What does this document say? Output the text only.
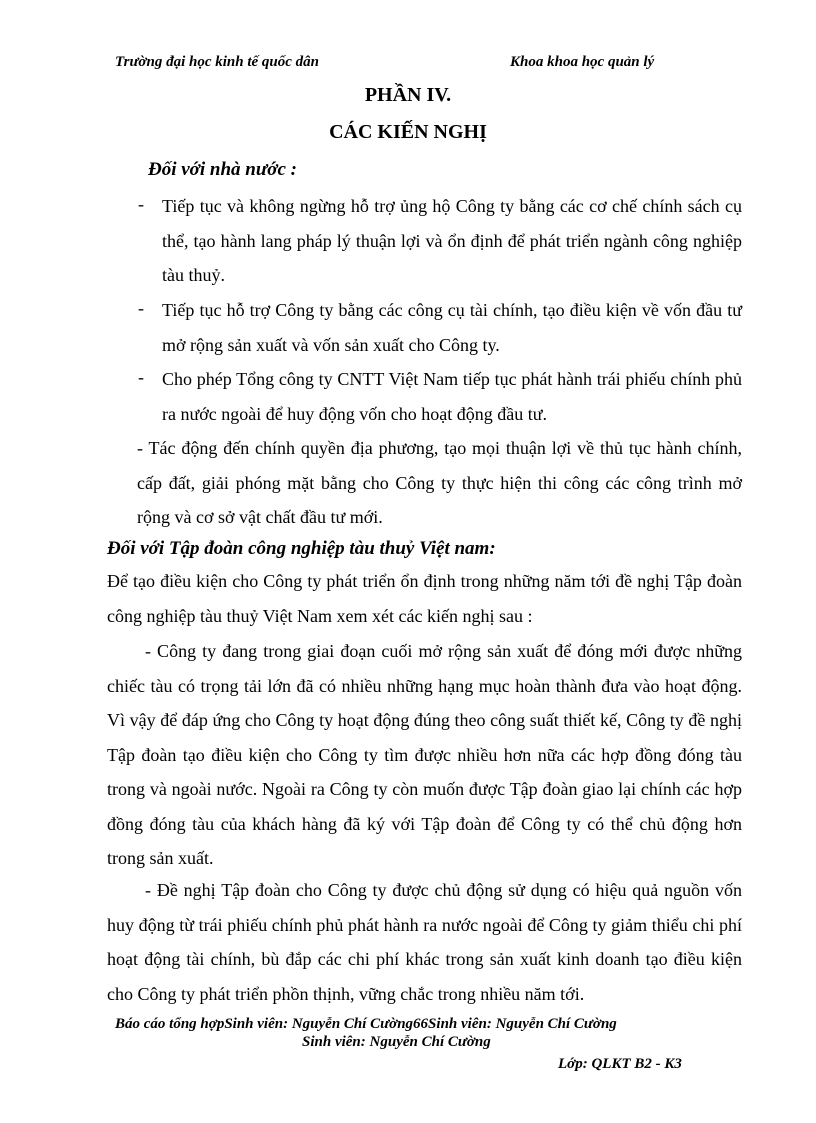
Trường đại học kinh tế quốc dân	Khoa khoa học quản lý
PHẦN IV.
CÁC KIẾN NGHỊ
Đối với nhà nước :
- Tiếp tục và không ngừng hỗ trợ ủng hộ Công ty bằng các cơ chế chính sách cụ thể, tạo hành lang pháp lý thuận lợi và ổn định để phát triển ngành công nghiệp tàu thuỷ.
- Tiếp tục hỗ trợ Công ty bằng các công cụ tài chính, tạo điều kiện về vốn đầu tư mở rộng sản xuất và vốn sản xuất cho Công ty.
- Cho phép Tổng công ty CNTT Việt Nam tiếp tục phát hành trái phiếu chính phủ ra nước ngoài để huy động vốn cho hoạt động đầu tư.
- Tác động đến chính quyền địa phương, tạo mọi thuận lợi về thủ tục hành chính, cấp đất, giải phóng mặt bằng cho Công ty thực hiện thi công các công trình mở rộng và cơ sở vật chất đầu tư mới.
Đối với Tập đoàn công nghiệp tàu thuỷ Việt nam:
Để tạo điều kiện cho Công ty phát triển ổn định trong những năm tới đề nghị Tập đoàn công nghiệp tàu thuỷ Việt Nam xem xét các kiến nghị sau :
- Công ty đang trong giai đoạn cuối mở rộng sản xuất để đóng mới được những chiếc tàu có trọng tải lớn đã có nhiều những hạng mục hoàn thành đưa vào hoạt động. Vì vậy để đáp ứng cho Công ty hoạt động đúng theo công suất thiết kế, Công ty đề nghị Tập đoàn tạo điều kiện cho Công ty tìm được nhiều hơn nữa các hợp đồng đóng tàu trong và ngoài nước. Ngoài ra Công ty còn muốn được Tập đoàn giao lại chính các hợp đồng đóng tàu của khách hàng đã ký với Tập đoàn để Công ty có thể chủ động hơn trong sản xuất.
- Đề nghị Tập đoàn cho Công ty được chủ động sử dụng có hiệu quả nguồn vốn huy động từ trái phiếu chính phủ phát hành ra nước ngoài để Công ty giảm thiểu chi phí hoạt động tài chính, bù đắp các chi phí khác trong sản xuất kinh doanh tạo điều kiện cho Công ty phát triển phồn thịnh, vững chắc trong nhiều năm tới.
Báo cáo tổng hợpSinh viên: Nguyễn Chí Cường66Sinh viên: Nguyễn Chí Cường
Sinh viên: Nguyễn Chí Cường
Lớp: QLKT B2 - K3
